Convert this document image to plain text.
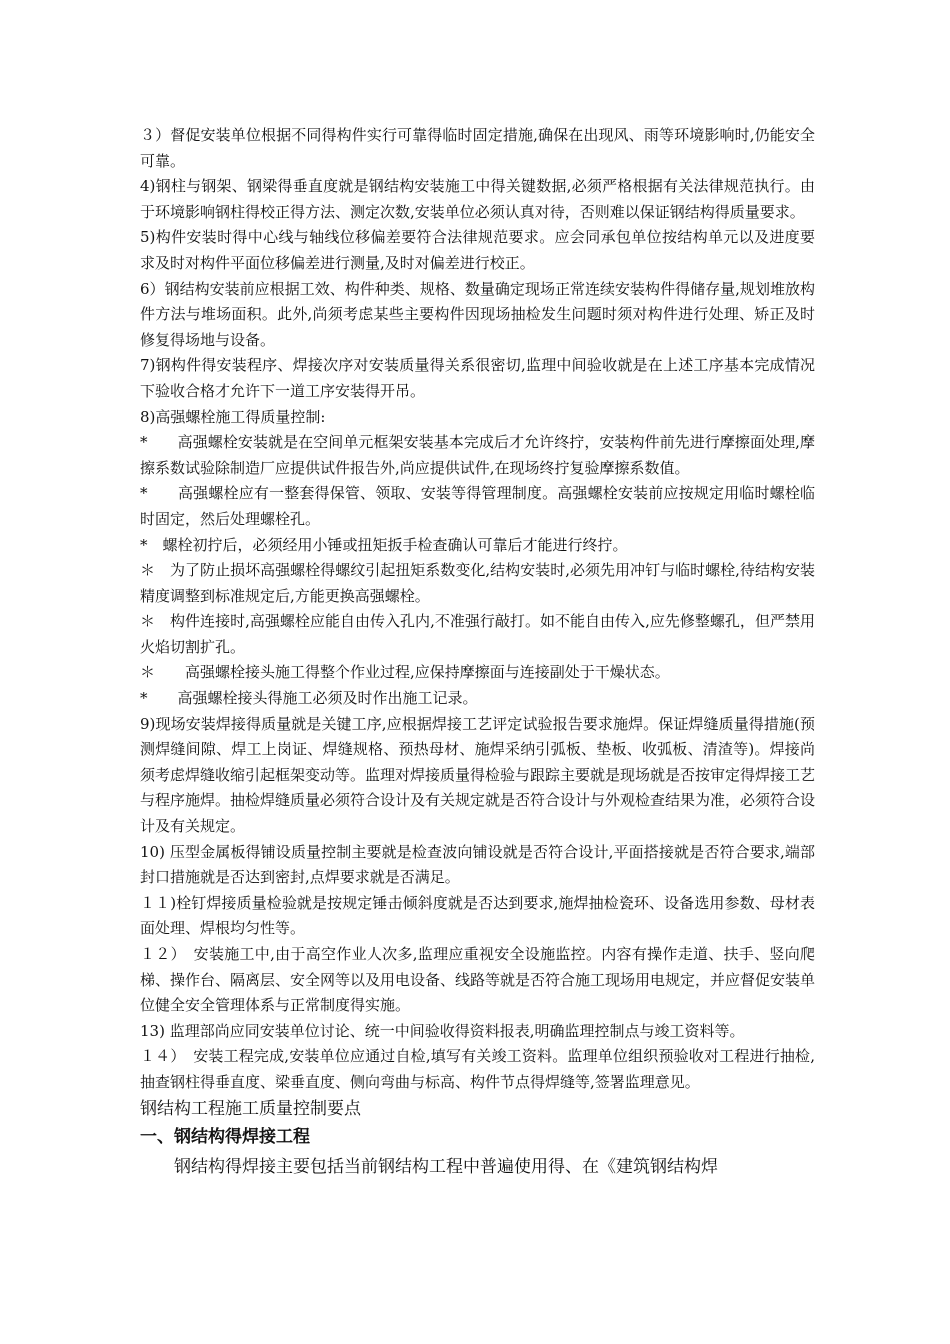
３）督促安装单位根据不同得构件实行可靠得临时固定措施,确保在出现风、雨等环境影响时,仍能安全可靠。

4)钢柱与钢架、钢梁得垂直度就是钢结构安装施工中得关键数据,必须严格根据有关法律规范执行。由于环境影响钢柱得校正得方法、测定次数,安装单位必须认真对待，否则难以保证钢结构得质量要求。

5)构件安装时得中心线与轴线位移偏差要符合法律规范要求。应会同承包单位按结构单元以及进度要求及时对构件平面位移偏差进行测量,及时对偏差进行校正。

6）钢结构安装前应根据工效、构件种类、规格、数量确定现场正常连续安装构件得储存量,规划堆放构件方法与堆场面积。此外,尚须考虑某些主要构件因现场抽检发生问题时须对构件进行处理、矫正及时修复得场地与设备。

7)钢构件得安装程序、焊接次序对安装质量得关系很密切,监理中间验收就是在上述工序基本完成情况下验收合格才允许下一道工序安装得开吊。

8)高强螺栓施工得质量控制:

*　　高强螺栓安装就是在空间单元框架安装基本完成后才允许终拧，安装构件前先进行摩擦面处理,摩擦系数试验除制造厂应提供试件报告外,尚应提供试件,在现场终拧复验摩擦系数值。

*　　高强螺栓应有一整套得保管、领取、安装等得管理制度。高强螺栓安装前应按规定用临时螺栓临时固定，然后处理螺栓孔。

*　螺栓初拧后，必须经用小锤或扭矩扳手检查确认可靠后才能进行终拧。

＊　为了防止损坏高强螺栓得螺纹引起扭矩系数变化,结构安装时,必须先用冲钉与临时螺栓,待结构安装精度调整到标准规定后,方能更换高强螺栓。

＊　构件连接时,高强螺栓应能自由传入孔内,不准强行敲打。如不能自由传入,应先修整螺孔，但严禁用火焰切割扩孔。

＊　　高强螺栓接头施工得整个作业过程,应保持摩擦面与连接副处于干燥状态。

*　　高强螺栓接头得施工必须及时作出施工记录。

9)现场安装焊接得质量就是关键工序,应根据焊接工艺评定试验报告要求施焊。保证焊缝质量得措施(预测焊缝间隙、焊工上岗证、焊缝规格、预热母材、施焊采纳引弧板、垫板、收弧板、清渣等)。焊接尚须考虑焊缝收缩引起框架变动等。监理对焊接质量得检验与跟踪主要就是现场就是否按审定得焊接工艺与程序施焊。抽检焊缝质量必须符合设计及有关规定就是否符合设计与外观检查结果为准，必须符合设计及有关规定。

10) 压型金属板得铺设质量控制主要就是检查波向铺设就是否符合设计,平面搭接就是否符合要求,端部封口措施就是否达到密封,点焊要求就是否满足。

１１)栓钉焊接质量检验就是按规定锤击倾斜度就是否达到要求,施焊抽检瓷环、设备选用参数、母材表面处理、焊根均匀性等。

１２）　安装施工中,由于高空作业人次多,监理应重视安全设施监控。内容有操作走道、扶手、竖向爬梯、操作台、隔离层、安全网等以及用电设备、线路等就是否符合施工现场用电规定，并应督促安装单位健全安全管理体系与正常制度得实施。

13) 监理部尚应同安装单位讨论、统一中间验收得资料报表,明确监理控制点与竣工资料等。

１４）　安装工程完成,安装单位应通过自检,填写有关竣工资料。监理单位组织预验收对工程进行抽检,抽查钢柱得垂直度、梁垂直度、侧向弯曲与标高、构件节点得焊缝等,签署监理意见。

钢结构工程施工质量控制要点

一、钢结构得焊接工程

钢结构得焊接主要包括当前钢结构工程中普遍使用得、在《建筑钢结构焊
